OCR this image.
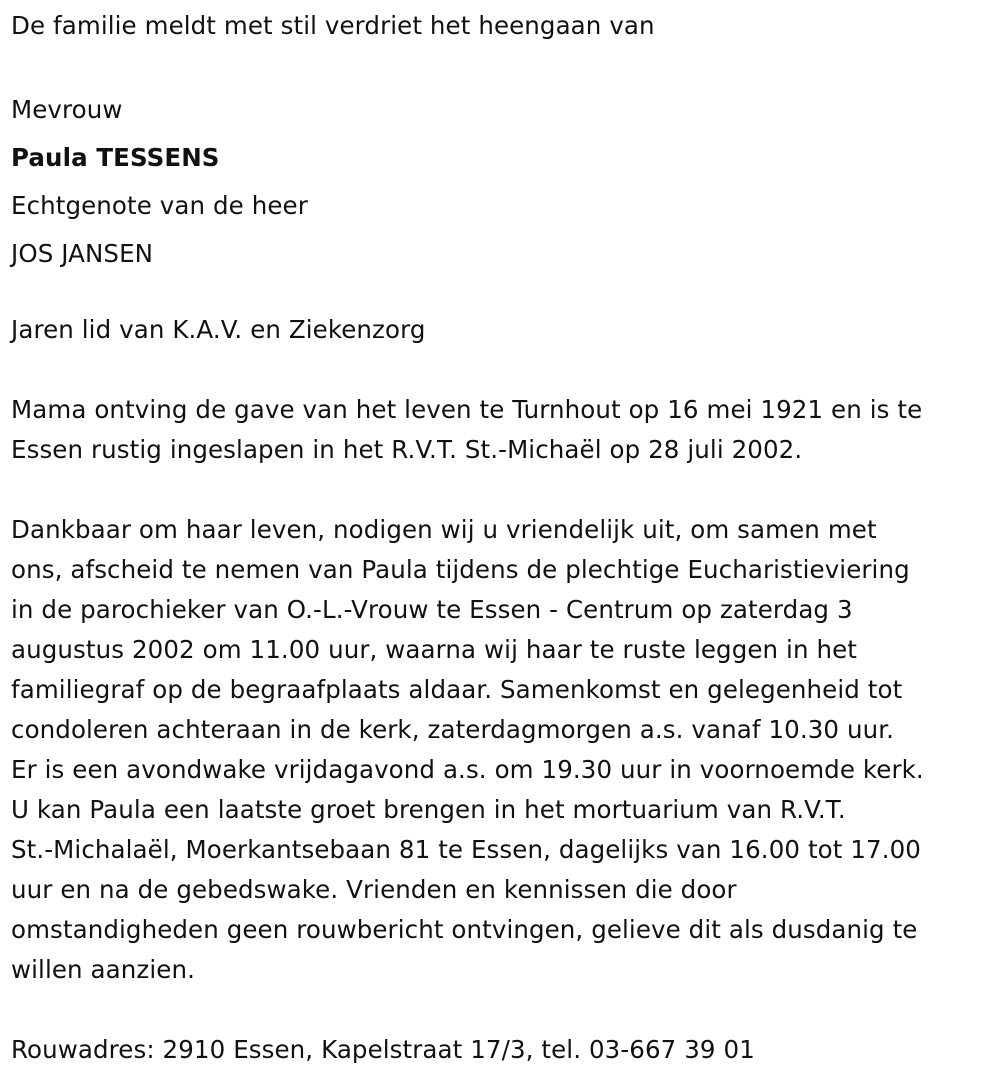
De familie meldt met stil verdriet het heengaan van

Mevrouw

Paula TESSENS

Echtgenote van de heer

JOS JANSEN

Jaren lid van K.A.V. en Ziekenzorg

Mama ontving de gave van het leven te Turnhout op 16 mei 1921 en is te

Essen rustig ingeslapen in het R.V.T. St.-Michaël op 28 juli 2002.

Dankbaar om haar leven, nodigen wij u vriendelijk uit, om samen met

ons, afscheid te nemen van Paula tijdens de plechtige Eucharistieviering

in de parochieker van O.-L.-Vrouw te Essen - Centrum op zaterdag 3

augustus 2002 om 11.00 uur, waarna wij haar te ruste leggen in het

familiegraf op de begraafplaats aldaar. Samenkomst en gelegenheid tot

condoleren achteraan in de kerk, zaterdagmorgen a.s. vanaf 10.30 uur.

Er is een avondwake vrijdagavond a.s. om 19.30 uur in voornoemde kerk.

U kan Paula een laatste groet brengen in het mortuarium van R.V.T.

St.-Michalaël, Moerkantsebaan 81 te Essen, dagelijks van 16.00 tot 17.00

uur en na de gebedswake. Vrienden en kennissen die door

omstandigheden geen rouwbericht ontvingen, gelieve dit als dusdanig te

willen aanzien.

Rouwadres: 2910 Essen, Kapelstraat 17/3, tel. 03-667 39 01
